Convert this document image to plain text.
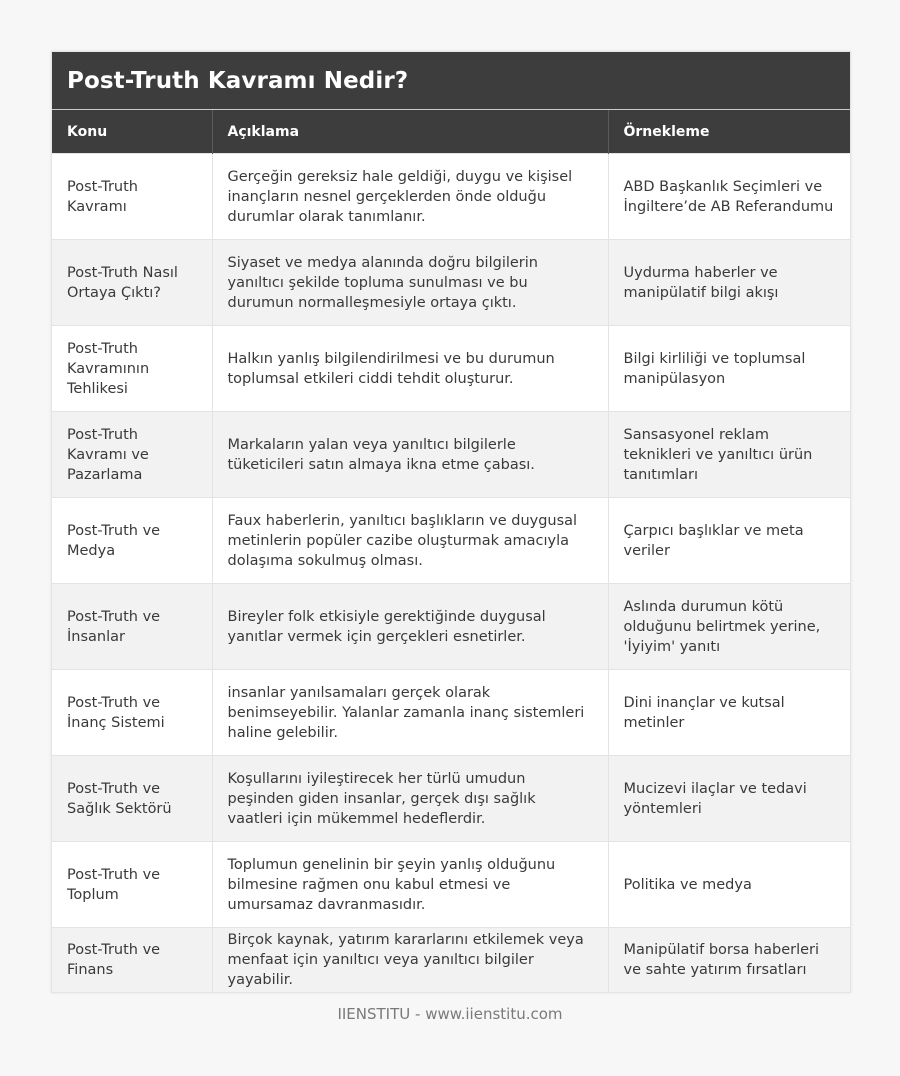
Post-Truth Kavramı Nedir?
Konu	Açıklama	Örnekleme
Post-Truth Kavramı	Gerçeğin gereksiz hale geldiği, duygu ve kişisel inançların nesnel gerçeklerden önde olduğu durumlar olarak tanımlanır.	ABD Başkanlık Seçimleri ve İngiltere’de AB Referandumu
Post-Truth Nasıl Ortaya Çıktı?	Siyaset ve medya alanında doğru bilgilerin yanıltıcı şekilde topluma sunulması ve bu durumun normalleşmesiyle ortaya çıktı.	Uydurma haberler ve manipülatif bilgi akışı
Post-Truth Kavramının Tehlikesi	Halkın yanlış bilgilendirilmesi ve bu durumun toplumsal etkileri ciddi tehdit oluşturur.	Bilgi kirliliği ve toplumsal manipülasyon
Post-Truth Kavramı ve Pazarlama	Markaların yalan veya yanıltıcı bilgilerle tüketicileri satın almaya ikna etme çabası.	Sansasyonel reklam teknikleri ve yanıltıcı ürün tanıtımları
Post-Truth ve Medya	Faux haberlerin, yanıltıcı başlıkların ve duygusal metinlerin popüler cazibe oluşturmak amacıyla dolaşıma sokulmuş olması.	Çarpıcı başlıklar ve meta veriler
Post-Truth ve İnsanlar	Bireyler folk etkisiyle gerektiğinde duygusal yanıtlar vermek için gerçekleri esnetirler.	Aslında durumun kötü olduğunu belirtmek yerine, 'İyiyim' yanıtı
Post-Truth ve İnanç Sistemi	insanlar yanılsamaları gerçek olarak benimseyebilir. Yalanlar zamanla inanç sistemleri haline gelebilir.	Dini inançlar ve kutsal metinler
Post-Truth ve Sağlık Sektörü	Koşullarını iyileştirecek her türlü umudun peşinden giden insanlar, gerçek dışı sağlık vaatleri için mükemmel hedeflerdir.	Mucizevi ilaçlar ve tedavi yöntemleri
Post-Truth ve Toplum	Toplumun genelinin bir şeyin yanlış olduğunu bilmesine rağmen onu kabul etmesi ve umursamaz davranmasıdır.	Politika ve medya
Post-Truth ve Finans	Birçok kaynak, yatırım kararlarını etkilemek veya menfaat için yanıltıcı veya yanıltıcı bilgiler yayabilir.	Manipülatif borsa haberleri ve sahte yatırım fırsatları
IIENSTITU - www.iienstitu.com
